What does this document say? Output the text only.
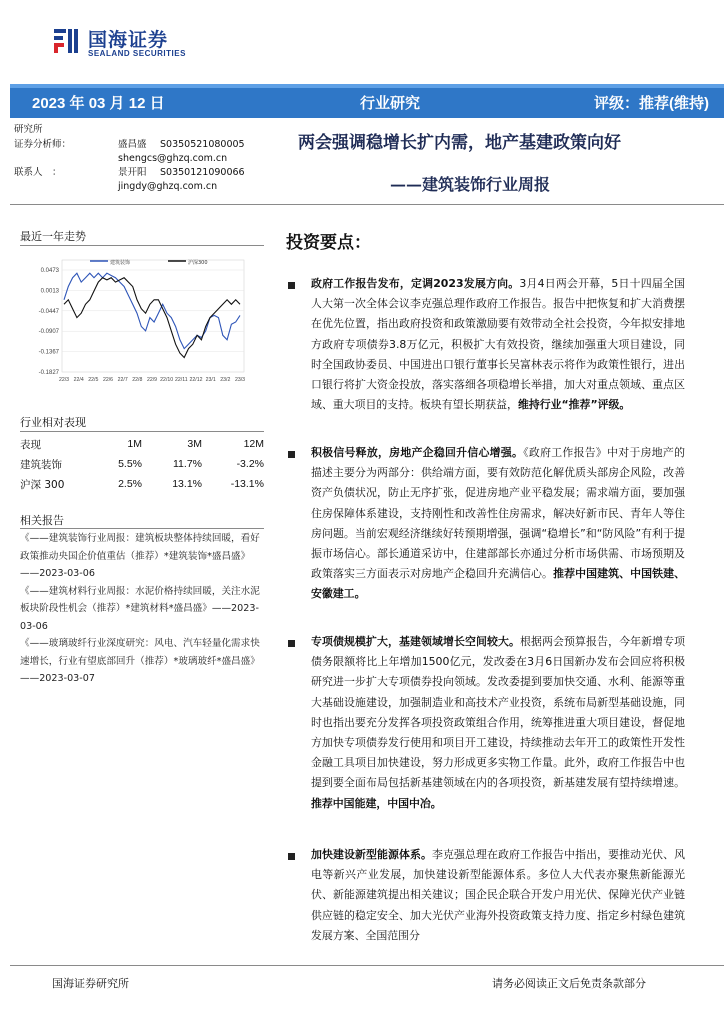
国海证券
SEALAND SECURITIES
2023 年 03 月 12 日	行业研究	评级：推荐(维持)
研究所
证券分析师：	盛昌盛 S0350521080005
shengcs@ghzq.com.cn
联系人　：	景开阳 S0350121090066
jingdy@ghzq.com.cn
两会强调稳增长扩内需，地产基建政策向好
——建筑装饰行业周报
最近一年走势
建筑装饰	沪深300
0.0473
0.0013
-0.0447
-0.0907
-0.1367
-0.1827
22/3 22/4 22/5 22/6 22/7 22/8 22/9 22/10 22/11 22/12 23/1 23/2 23/3
行业相对表现
表现	1M	3M	12M
建筑装饰	5.5%	11.7%	-3.2%
沪深 300	2.5%	13.1%	-13.1%
相关报告

《——建筑装饰行业周报：建筑板块整体持续回暖，看好政策推动央国企价值重估（推荐）*建筑装饰*盛昌盛》——2023-03-06

《——建筑材料行业周报：水泥价格持续回暖，关注水泥板块阶段性机会（推荐）*建筑材料*盛昌盛》——2023-03-06

《——玻璃玻纤行业深度研究：风电、汽车轻量化需求快速增长，行业有望底部回升（推荐）*玻璃玻纤*盛昌盛》——2023-03-07

投资要点：
政府工作报告发布，定调2023发展方向。3月4日两会开幕，5日十四届全国人大第一次全体会议李克强总理作政府工作报告。报告中把恢复和扩大消费摆在优先位置，指出政府投资和政策激励要有效带动全社会投资，今年拟安排地方政府专项债券3.8万亿元，积极扩大有效投资，继续加强重大项目建设，同时全国政协委员、中国进出口银行董事长吴富林表示将作为政策性银行，进出口银行将扩大资金投放，落实落细各项稳增长举措，加大对重点领域、重点区域、重大项目的支持。板块有望长期获益，维持行业“推荐”评级。
积极信号释放，房地产企稳回升信心增强。《政府工作报告》中对于房地产的描述主要分为两部分：供给端方面，要有效防范化解优质头部房企风险，改善资产负债状况，防止无序扩张，促进房地产业平稳发展；需求端方面，要加强住房保障体系建设，支持刚性和改善性住房需求，解决好新市民、青年人等住房问题。当前宏观经济继续好转预期增强，强调“稳增长”和“防风险”有利于提振市场信心。部长通道采访中，住建部部长亦通过分析市场供需、市场预期及政策落实三方面表示对房地产企稳回升充满信心。推荐中国建筑、中国铁建、安徽建工。
专项债规模扩大，基建领域增长空间较大。根据两会预算报告，今年新增专项债务限额将比上年增加1500亿元，发改委在3月6日国新办发布会回应将积极研究进一步扩大专项债券投向领域。发改委提到要加快交通、水利、能源等重大基础设施建设，加强制造业和高技术产业投资，系统布局新型基础设施，同时也指出要充分发挥各项投资政策组合作用，统筹推进重大项目建设，督促地方加快专项债券发行使用和项目开工建设，持续推动去年开工的政策性开发性金融工具项目加快建设，努力形成更多实物工作量。此外，政府工作报告中也提到要全面布局包括新基建领域在内的各项投资，新基建发展有望持续增速。推荐中国能建，中国中冶。
加快建设新型能源体系。李克强总理在政府工作报告中指出，要推动光伏、风电等新兴产业发展，加快建设新型能源体系。多位人大代表亦聚焦新能源光伏、新能源建筑提出相关建议；国企民企联合开发户用光伏、保障光伏产业链供应链的稳定安全、加大光伏产业海外投资政策支持力度、指定乡村绿色建筑发展方案、全国范围分
国海证券研究所	请务必阅读正文后免责条款部分
